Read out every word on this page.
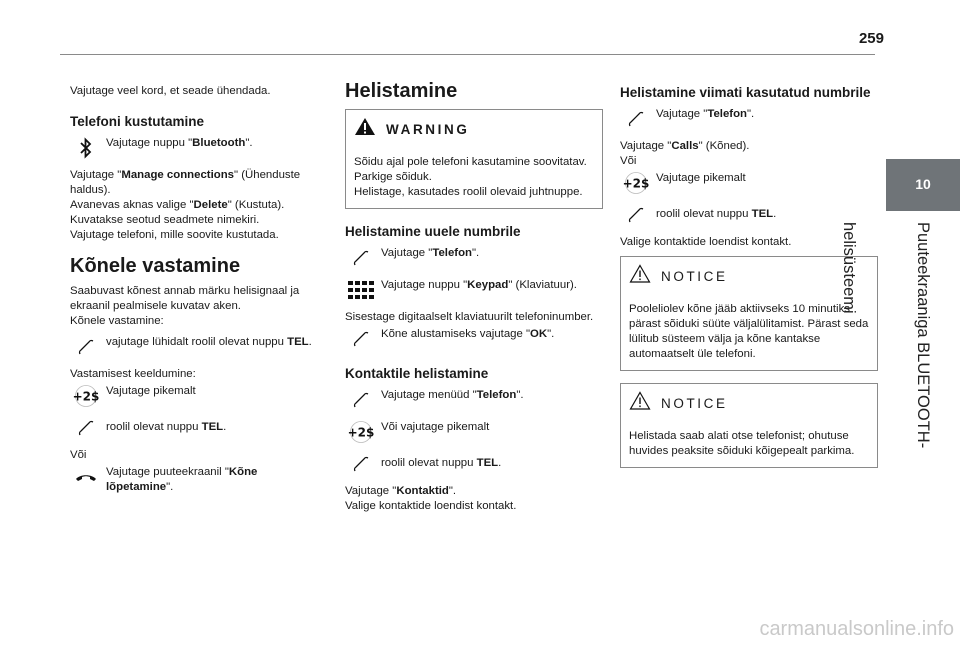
259
10
Puuteekraaniga BLUETOOTH-helisüsteemi

Vajutage veel kord, et seade ühendada.

Telefoni kustutamine
Vajutage nuppu "Bluetooth".

Vajutage "Manage connections" (Ühenduste haldus).
Avanevas aknas valige "Delete" (Kustuta).
Kuvatakse seotud seadmete nimekiri.
Vajutage telefoni, mille soovite kustutada.

Kõnele vastamine

Saabuvast kõnest annab märku helisignaal ja ekraanil pealmisele kuvatav aken.
Kõnele vastamine:

vajutage lühidalt roolil olevat nuppu TEL.

Vastamisest keeldumine:

+2$ Vajutage pikemalt
roolil olevat nuppu TEL.

Või

Vajutage puuteekraanil "Kõne lõpetamine".
Helistamine
WARNING

Sõidu ajal pole telefoni kasutamine soovitatav.
Parkige sõiduk.
Helistage, kasutades roolil olevaid juhtnuppe.

Helistamine uuele numbrile
Vajutage "Telefon".
Vajutage nuppu "Keypad" (Klaviatuur).

Sisestage digitaalselt klaviatuurilt telefoninumber.

Kõne alustamiseks vajutage "OK".
Kontaktile helistamine
Vajutage menüüd "Telefon".
+2$ Või vajutage pikemalt
roolil olevat nuppu TEL.

Vajutage "Kontaktid".
Valige kontaktide loendist kontakt.

Helistamine viimati kasutatud numbrile
Vajutage "Telefon".

Vajutage "Calls" (Kõned).
Või

+2$ Vajutage pikemalt
roolil olevat nuppu TEL.

Valige kontaktide loendist kontakt.

NOTICE

Pooleliolev kõne jääb aktiivseks 10 minutiks pärast sõiduki süüte väljalülitamist. Pärast seda lülitub süsteem välja ja kõne kantakse automaatselt üle telefoni.

NOTICE

Helistada saab alati otse telefonist; ohutuse huvides peaksite sõiduki kõigepealt parkima.

carmanualsonline.info
